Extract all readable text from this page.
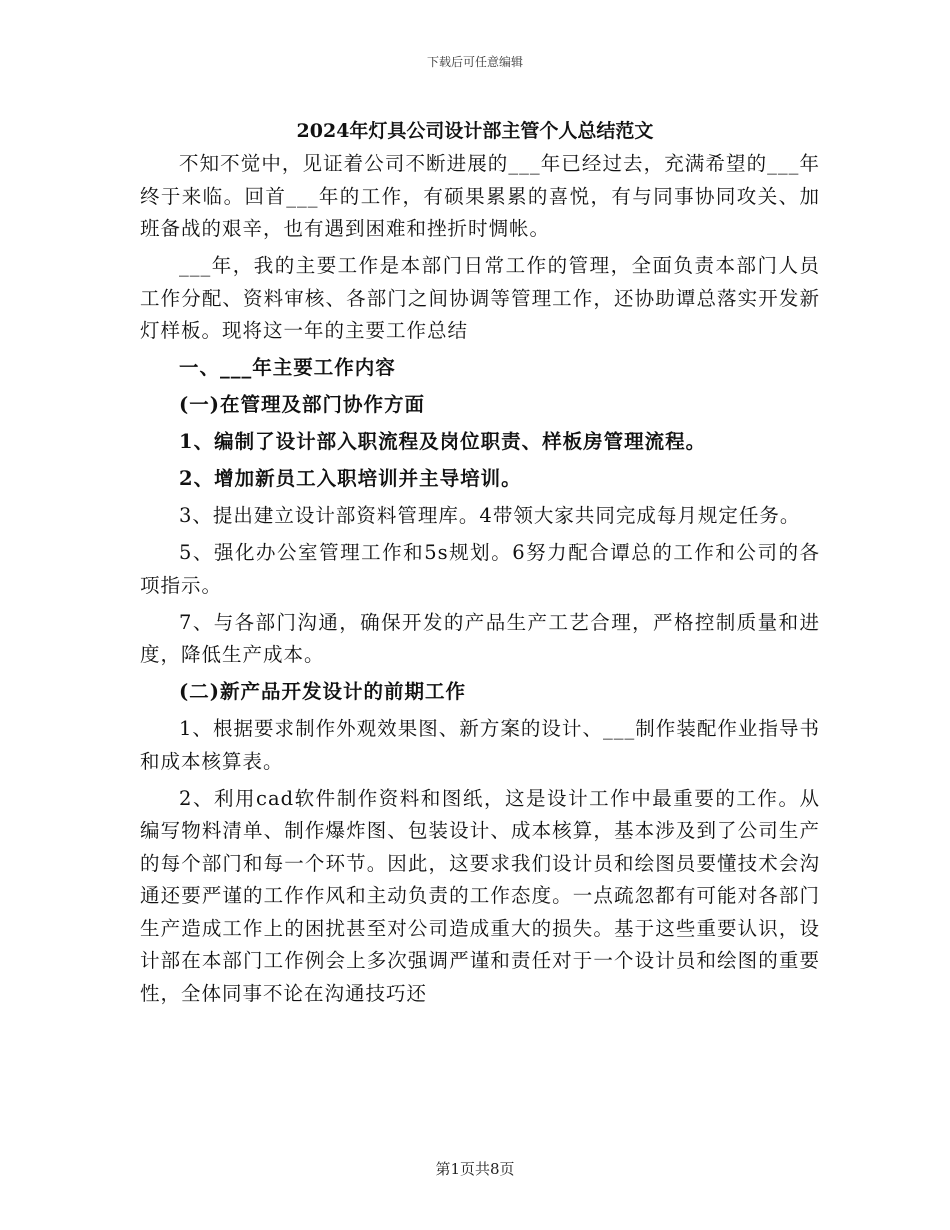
下载后可任意编辑
2024年灯具公司设计部主管个人总结范文

不知不觉中，见证着公司不断进展的___年已经过去，充满希望的___年终于来临。回首___年的工作，有硕果累累的喜悦，有与同事协同攻关、加班备战的艰辛，也有遇到困难和挫折时惆帐。

___年，我的主要工作是本部门日常工作的管理，全面负责本部门人员工作分配、资料审核、各部门之间协调等管理工作，还协助谭总落实开发新灯样板。现将这一年的主要工作总结

一、___年主要工作内容

(一)在管理及部门协作方面

1、编制了设计部入职流程及岗位职责、样板房管理流程。

2、增加新员工入职培训并主导培训。

3、提出建立设计部资料管理库。4带领大家共同完成每月规定任务。

5、强化办公室管理工作和5s规划。6努力配合谭总的工作和公司的各项指示。

7、与各部门沟通，确保开发的产品生产工艺合理，严格控制质量和进度，降低生产成本。

(二)新产品开发设计的前期工作

1、根据要求制作外观效果图、新方案的设计、___制作装配作业指导书和成本核算表。

2、利用cad软件制作资料和图纸，这是设计工作中最重要的工作。从编写物料清单、制作爆炸图、包装设计、成本核算，基本涉及到了公司生产的每个部门和每一个环节。因此，这要求我们设计员和绘图员要懂技术会沟通还要严谨的工作作风和主动负责的工作态度。一点疏忽都有可能对各部门生产造成工作上的困扰甚至对公司造成重大的损失。基于这些重要认识，设计部在本部门工作例会上多次强调严谨和责任对于一个设计员和绘图的重要性，全体同事不论在沟通技巧还

第1页共8页
